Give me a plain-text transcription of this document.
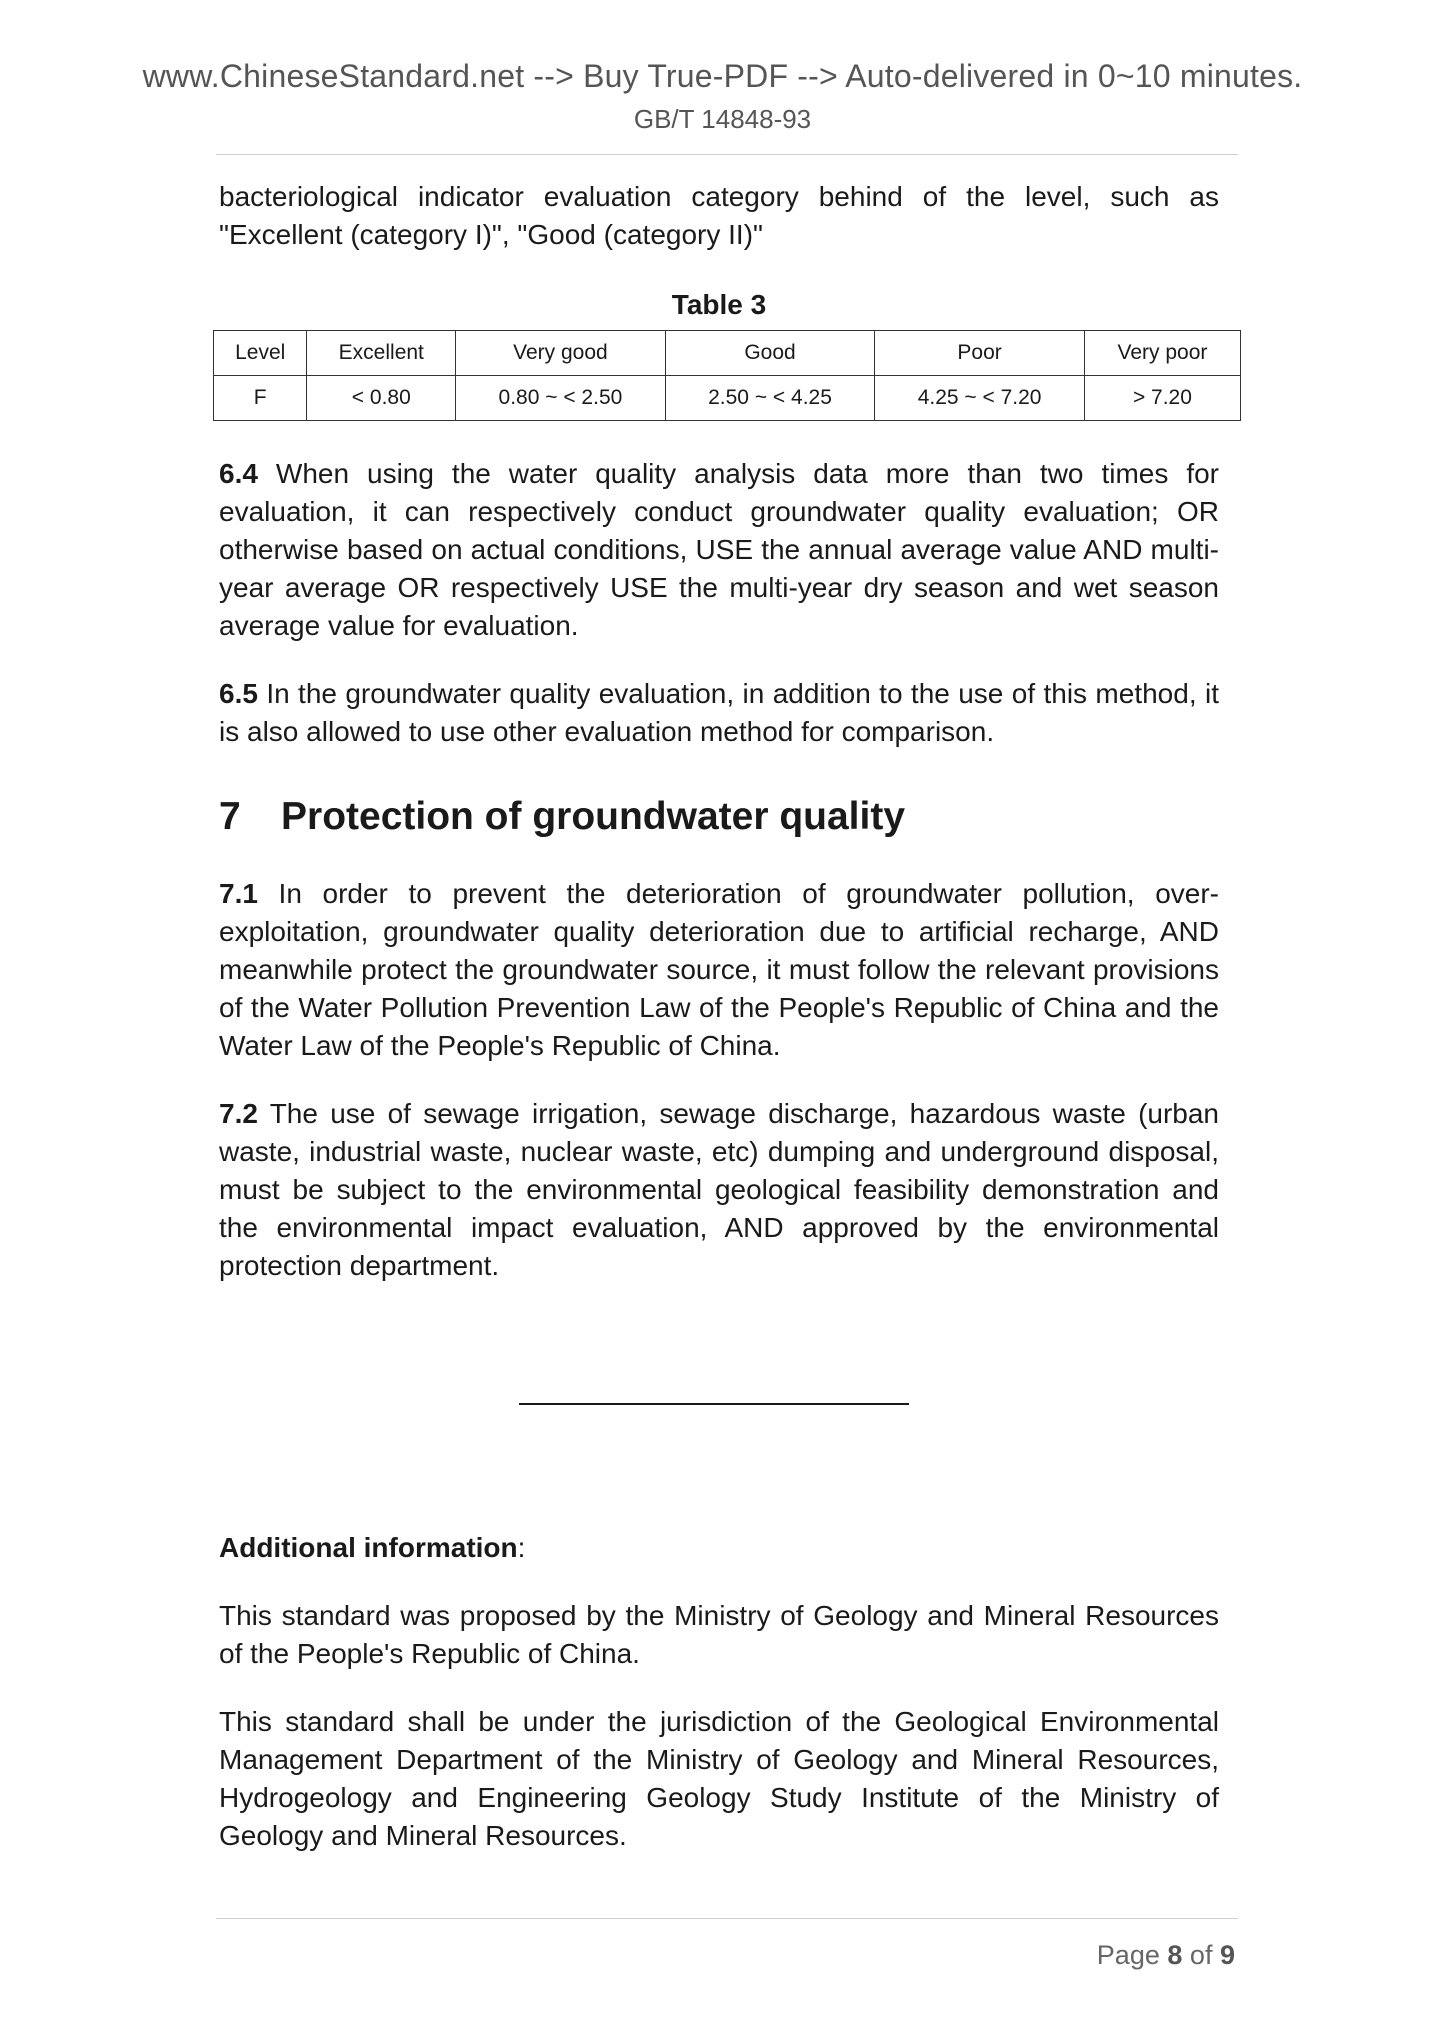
www.ChineseStandard.net --> Buy True-PDF --> Auto-delivered in 0~10 minutes.
GB/T 14848-93

bacteriological indicator evaluation category behind of the level, such as "Excellent (category I)", "Good (category II)"

Table 3
Level	Excellent	Very good	Good	Poor	Very poor
F	< 0.80	0.80 ~ < 2.50	2.50 ~ < 4.25	4.25 ~ < 7.20	> 7.20

6.4 When using the water quality analysis data more than two times for evaluation, it can respectively conduct groundwater quality evaluation; OR otherwise based on actual conditions, USE the annual average value AND multi-year average OR respectively USE the multi-year dry season and wet season average value for evaluation.

6.5 In the groundwater quality evaluation, in addition to the use of this method, it is also allowed to use other evaluation method for comparison.

7 Protection of groundwater quality

7.1 In order to prevent the deterioration of groundwater pollution, over-exploitation, groundwater quality deterioration due to artificial recharge, AND meanwhile protect the groundwater source, it must follow the relevant provisions of the Water Pollution Prevention Law of the People's Republic of China and the Water Law of the People's Republic of China.

7.2 The use of sewage irrigation, sewage discharge, hazardous waste (urban waste, industrial waste, nuclear waste, etc) dumping and underground disposal, must be subject to the environmental geological feasibility demonstration and the environmental impact evaluation, AND approved by the environmental protection department.

Additional information:

This standard was proposed by the Ministry of Geology and Mineral Resources of the People's Republic of China.

This standard shall be under the jurisdiction of the Geological Environmental Management Department of the Ministry of Geology and Mineral Resources, Hydrogeology and Engineering Geology Study Institute of the Ministry of Geology and Mineral Resources.

Page 8 of 9
